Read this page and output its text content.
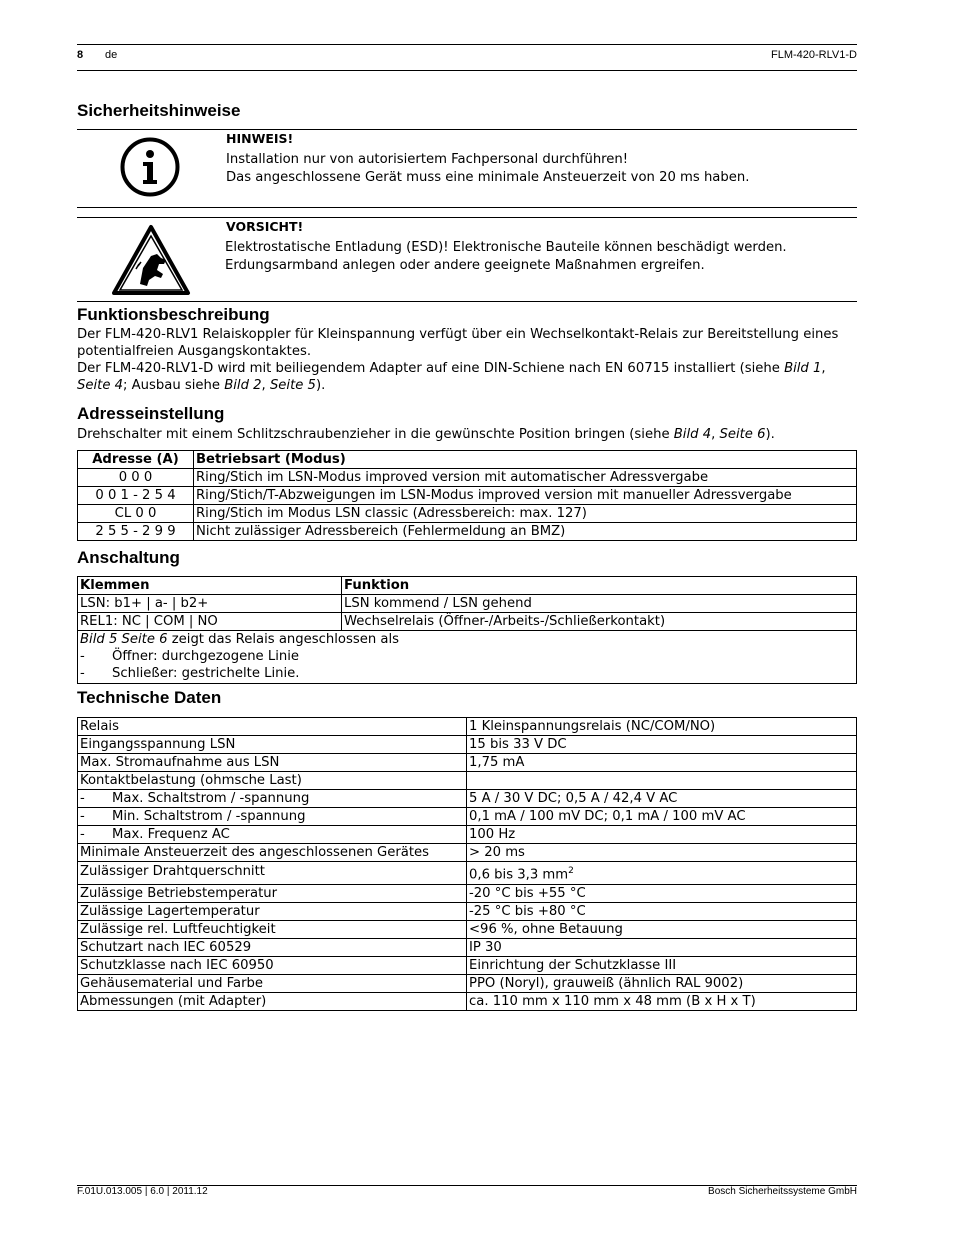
8 de	FLM-420-RLV1-D
Sicherheitshinweise
HINWEIS!
Installation nur von autorisiertem Fachpersonal durchführen!
Das angeschlossene Gerät muss eine minimale Ansteuerzeit von 20 ms haben.
VORSICHT!
Elektrostatische Entladung (ESD)! Elektronische Bauteile können beschädigt werden.
Erdungsarmband anlegen oder andere geeignete Maßnahmen ergreifen.
Funktionsbeschreibung
Der FLM-420-RLV1 Relaiskoppler für Kleinspannung verfügt über ein Wechselkontakt-Relais zur Bereitstellung eines
potentialfreien Ausgangskontaktes.
Der FLM-420-RLV1-D wird mit beiliegendem Adapter auf eine DIN-Schiene nach EN 60715 installiert (siehe Bild 1,
Seite 4; Ausbau siehe Bild 2, Seite 5).
Adresseinstellung
Drehschalter mit einem Schlitzschraubenzieher in die gewünschte Position bringen (siehe Bild 4, Seite 6).
Adresse (A)	Betriebsart (Modus)
0 0 0	Ring/Stich im LSN-Modus improved version mit automatischer Adressvergabe
0 0 1 - 2 5 4	Ring/Stich/T-Abzweigungen im LSN-Modus improved version mit manueller Adressvergabe
CL 0 0	Ring/Stich im Modus LSN classic (Adressbereich: max. 127)
2 5 5 - 2 9 9	Nicht zulässiger Adressbereich (Fehlermeldung an BMZ)
Anschaltung
Klemmen	Funktion
LSN: b1+ | a- | b2+	LSN kommend / LSN gehend
REL1: NC | COM | NO	Wechselrelais (Öffner-/Arbeits-/Schließerkontakt)

Bild 5 Seite 6 zeigt das Relais angeschlossen als
- Öffner: durchgezogene Linie
- Schließer: gestrichelte Linie.	
Technische Daten
Relais	1 Kleinspannungsrelais (NC/COM/NO)
Eingangsspannung LSN	15 bis 33 V DC
Max. Stromaufnahme aus LSN	1,75 mA
Kontaktbelastung (ohmsche Last)	
- Max. Schaltstrom / -spannung	5 A / 30 V DC; 0,5 A / 42,4 V AC
- Min. Schaltstrom / -spannung	0,1 mA / 100 mV DC; 0,1 mA / 100 mV AC
- Max. Frequenz AC	100 Hz
Minimale Ansteuerzeit des angeschlossenen Gerätes	> 20 ms
Zulässiger Drahtquerschnitt	0,6 bis 3,3 $mm^2$
Zulässige Betriebstemperatur	-20 °C bis +55 °C
Zulässige Lagertemperatur	-25 °C bis +80 °C
Zulässige rel. Luftfeuchtigkeit	<96 %, ohne Betauung
Schutzart nach IEC 60529	IP 30
Schutzklasse nach IEC 60950	Einrichtung der Schutzklasse III
Gehäusematerial und Farbe	PPO (Noryl), grauweiß (ähnlich RAL 9002)
Abmessungen (mit Adapter)	ca. 110 mm x 110 mm x 48 mm (B x H x T)
F.01U.013.005 | 6.0 | 2011.12	Bosch Sicherheitssysteme GmbH
